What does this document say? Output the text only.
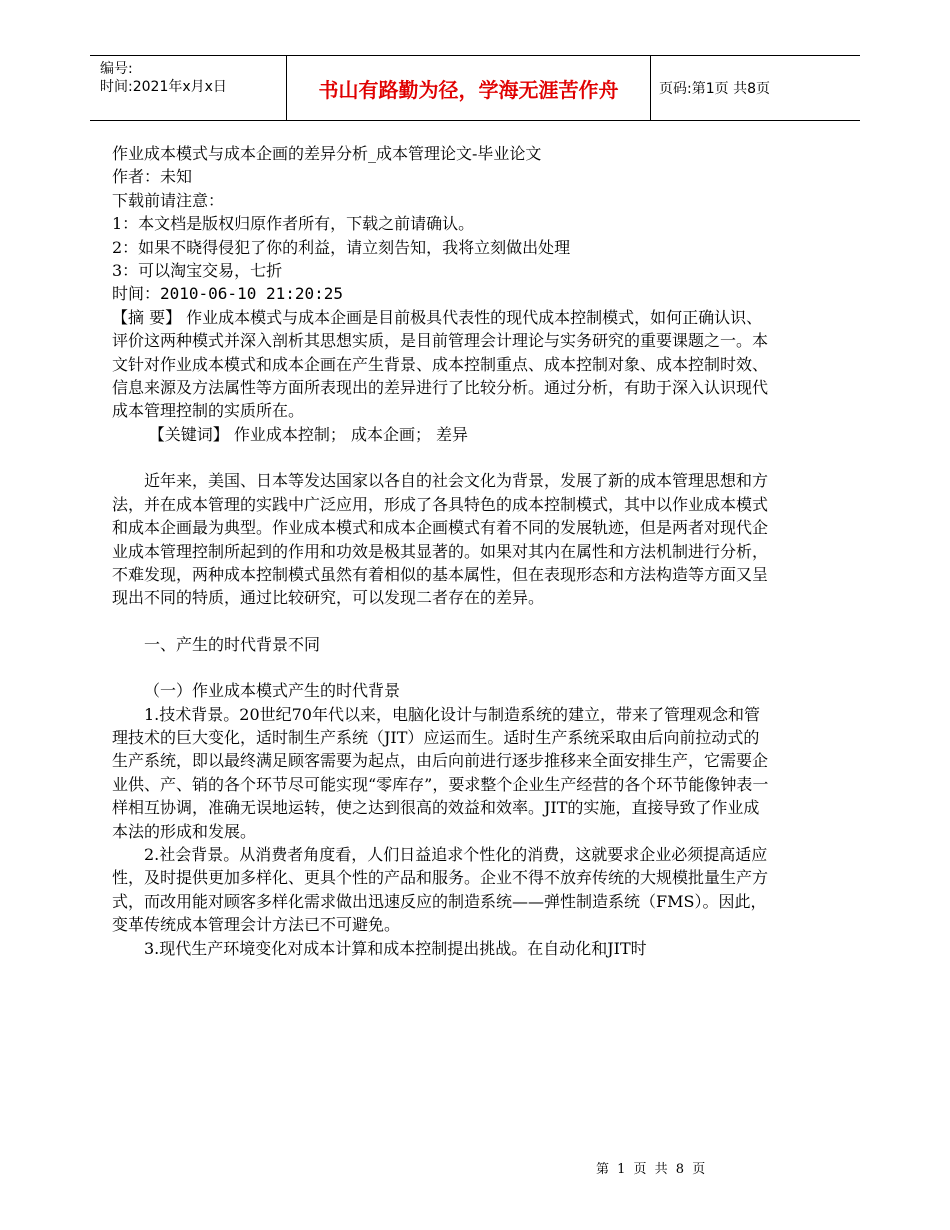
编号:
时间:2021年x月x日	书山有路勤为径，学海无涯苦作舟	页码:第1页 共8页

作业成本模式与成本企画的差异分析_成本管理论文-毕业论文

作者：未知

下载前请注意：

1：本文档是版权归原作者所有，下载之前请确认。

2：如果不晓得侵犯了你的利益，请立刻告知，我将立刻做出处理

3：可以淘宝交易，七折

时间：2010-06-10 21:20:25

【摘 要】 作业成本模式与成本企画是目前极具代表性的现代成本控制模式，如何正确认识、评价这两种模式并深入剖析其思想实质，是目前管理会计理论与实务研究的重要课题之一。本文针对作业成本模式和成本企画在产生背景、成本控制重点、成本控制对象、成本控制时效、信息来源及方法属性等方面所表现出的差异进行了比较分析。通过分析，有助于深入认识现代成本管理控制的实质所在。

【关键词】 作业成本控制； 成本企画； 差异

近年来，美国、日本等发达国家以各自的社会文化为背景，发展了新的成本管理思想和方法，并在成本管理的实践中广泛应用，形成了各具特色的成本控制模式，其中以作业成本模式和成本企画最为典型。作业成本模式和成本企画模式有着不同的发展轨迹，但是两者对现代企业成本管理控制所起到的作用和功效是极其显著的。如果对其内在属性和方法机制进行分析，不难发现，两种成本控制模式虽然有着相似的基本属性，但在表现形态和方法构造等方面又呈现出不同的特质，通过比较研究，可以发现二者存在的差异。

一、产生的时代背景不同

（一）作业成本模式产生的时代背景

1.技术背景。20世纪70年代以来，电脑化设计与制造系统的建立，带来了管理观念和管理技术的巨大变化，适时制生产系统（JIT）应运而生。适时生产系统采取由后向前拉动式的生产系统，即以最终满足顾客需要为起点，由后向前进行逐步推移来全面安排生产，它需要企业供、产、销的各个环节尽可能实现“零库存”，要求整个企业生产经营的各个环节能像钟表一样相互协调，准确无误地运转，使之达到很高的效益和效率。JIT的实施，直接导致了作业成本法的形成和发展。

2.社会背景。从消费者角度看，人们日益追求个性化的消费，这就要求企业必须提高适应性，及时提供更加多样化、更具个性的产品和服务。企业不得不放弃传统的大规模批量生产方式，而改用能对顾客多样化需求做出迅速反应的制造系统——弹性制造系统（FMS）。因此，变革传统成本管理会计方法已不可避免。

3.现代生产环境变化对成本计算和成本控制提出挑战。在自动化和JIT时

第 1 页 共 8 页
